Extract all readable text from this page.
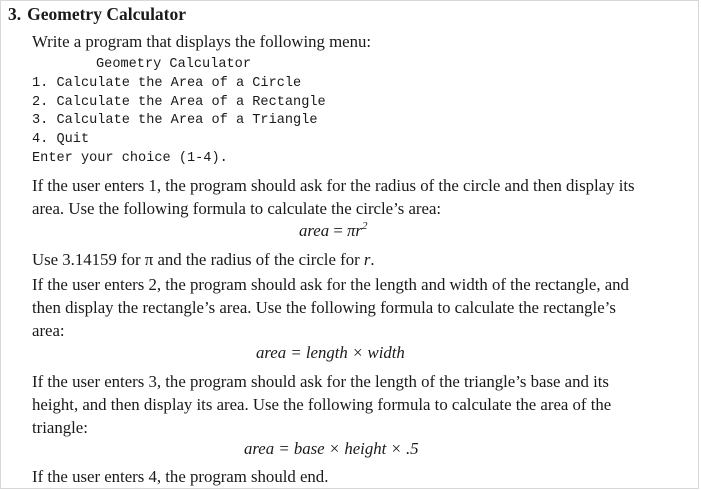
3. Geometry Calculator
Write a program that displays the following menu:
Geometry Calculator
1. Calculate the Area of a Circle
2. Calculate the Area of a Rectangle
3. Calculate the Area of a Triangle
4. Quit
Enter your choice (1-4).
If the user enters 1, the program should ask for the radius of the circle and then display its area. Use the following formula to calculate the circle’s area:
area = $\pi r^2$
Use 3.14159 for π and the radius of the circle for r.
If the user enters 2, the program should ask for the length and width of the rectangle, and then display the rectangle’s area. Use the following formula to calculate the rectangle’s area:
area = length × width
If the user enters 3, the program should ask for the length of the triangle’s base and its height, and then display its area. Use the following formula to calculate the area of the triangle:
area = base × height × .5
If the user enters 4, the program should end.
